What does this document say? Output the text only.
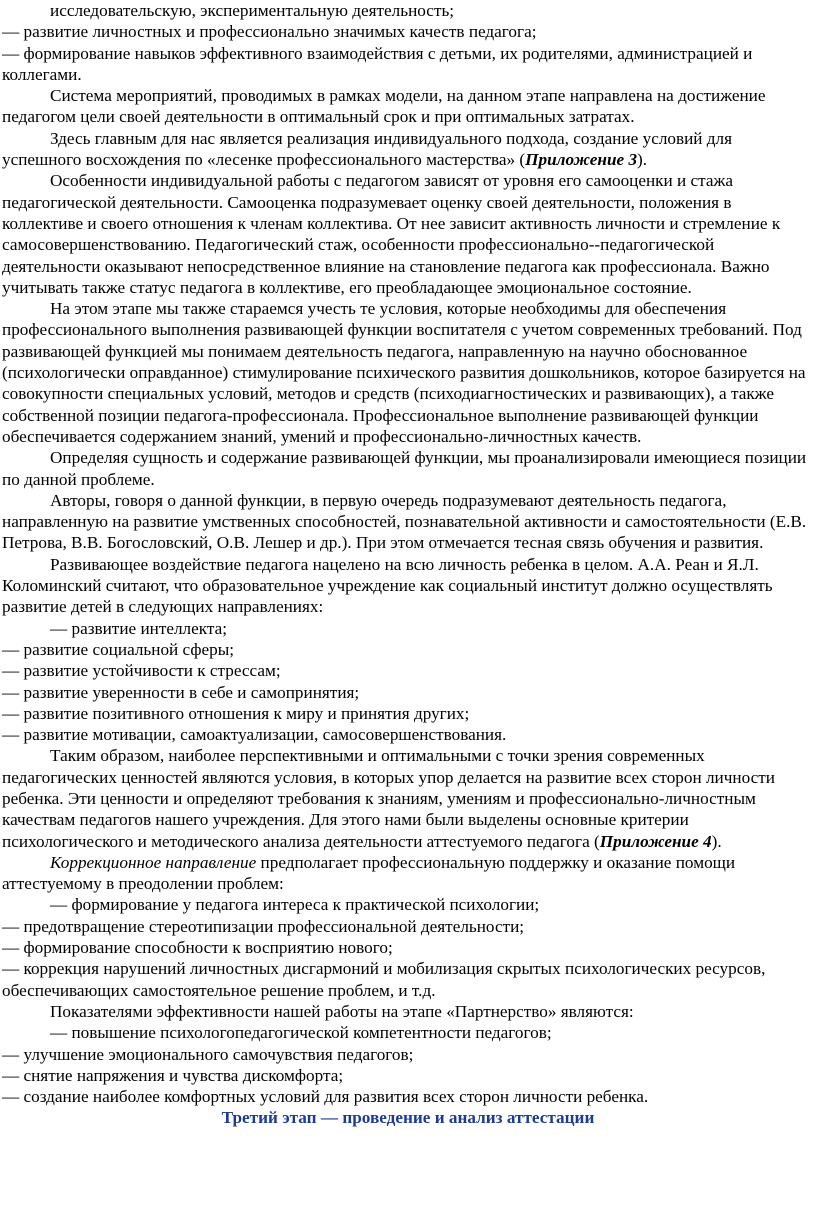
исследовательскую, экспериментальную деятельность;

— развитие личностных и профессионально значимых качеств педагога;

— формирование навыков эффективного взаимодействия с детьми, их родителями, администрацией и коллегами.

Система мероприятий, проводимых в рамках модели, на данном этапе направлена на достижение педагогом цели своей деятельности в оптимальный срок и при оптимальных затратах.

Здесь главным для нас является реализация индивидуального подхода, создание условий для успешного восхождения по «лесенке профессионального мастерства» (Приложение 3).

Особенности индивидуальной работы с педагогом зависят от уровня его самооценки и стажа педагогической деятельности. Самооценка подразумевает оценку своей деятельности, положения в коллективе и своего отношения к членам коллектива. От нее зависит активность личности и стремление к самосовершенствованию. Педагогический стаж, особенности профессионально--педагогической деятельности оказывают непосредственное влияние на становление педагога как профессионала. Важно учитывать также статус педагога в коллективе, его преобладающее эмоциональное состояние.

На этом этапе мы также стараемся учесть те условия, которые необходимы для обеспечения профессионального выполнения развивающей функции воспитателя с учетом современных требований. Под развивающей функцией мы понимаем деятельность педагога, направленную на научно обоснованное (психологически оправданное) стимулирование психического развития дошкольников, которое базируется на совокупности специальных условий, методов и средств (психодиагностических и развивающих), а также собственной позиции педагога-профессионала. Профессиональное выполнение развивающей функции обеспечивается содержанием знаний, умений и профессионально-личностных качеств.

Определяя сущность и содержание развивающей функции, мы проанализировали имеющиеся позиции по данной проблеме.

Авторы, говоря о данной функции, в первую очередь подразумевают деятельность педагога, направленную на развитие умственных способностей, познавательной активности и самостоятельности (Е.В. Петрова, В.В. Богословский, О.В. Лешер и др.). При этом отмечается тесная связь обучения и развития.

Развивающее воздействие педагога нацелено на всю личность ребенка в целом. А.А. Реан и Я.Л. Коломинский считают, что образовательное учреждение как социальный институт должно осуществлять развитие детей в следующих направлениях:

— развитие интеллекта;

— развитие социальной сферы;

— развитие устойчивости к стрессам;

— развитие уверенности в себе и самопринятия;

— развитие позитивного отношения к миру и принятия других;

— развитие мотивации, самоактуализации, самосовершенствования.

Таким образом, наиболее перспективными и оптимальными с точки зрения современных педагогических ценностей являются условия, в которых упор делается на развитие всех сторон личности ребенка. Эти ценности и определяют требования к знаниям, умениям и профессионально-личностным качествам педагогов нашего учреждения. Для этого нами были выделены основные критерии психологического и методического анализа деятельности аттестуемого педагога (Приложение 4).

Коррекционное направление предполагает профессиональную поддержку и оказание помощи аттестуемому в преодолении проблем:

— формирование у педагога интереса к практической психологии;

— предотвращение стереотипизации профессиональной деятельности;

— формирование способности к восприятию нового;

— коррекция нарушений личностных дисгармоний и мобилизация скрытых психологических ресурсов, обеспечивающих самостоятельное решение проблем, и т.д.

Показателями эффективности нашей работы на этапе «Партнерство» являются:

— повышение психологопедагогической компетентности педагогов;

— улучшение эмоционального самочувствия педагогов;

— снятие напряжения и чувства дискомфорта;

— создание наиболее комфортных условий для развития всех сторон личности ребенка.

Третий этап — проведение и анализ аттестации
